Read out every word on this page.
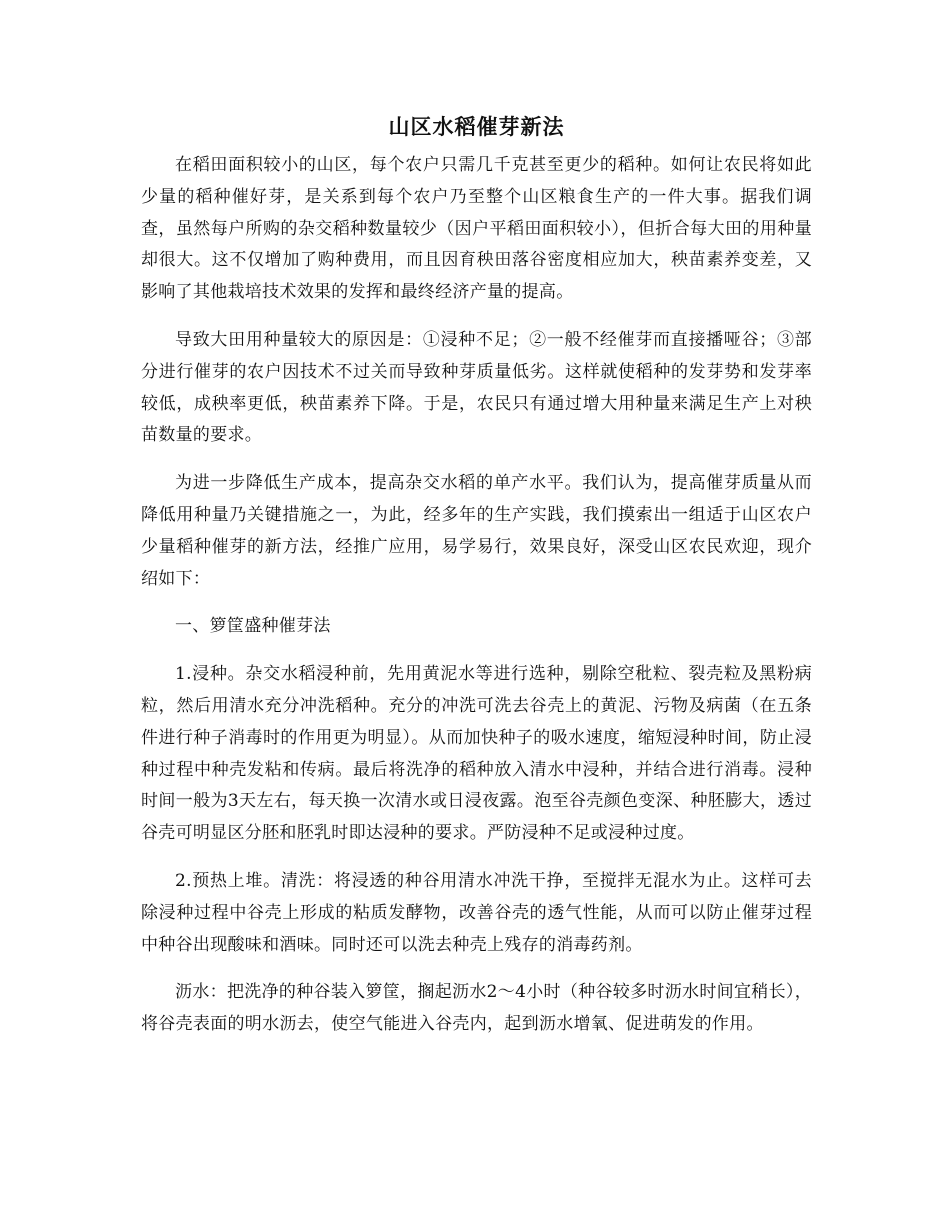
山区水稻催芽新法

在稻田面积较小的山区，每个农户只需几千克甚至更少的稻种。如何让农民将如此少量的稻种催好芽，是关系到每个农户乃至整个山区粮食生产的一件大事。据我们调查，虽然每户所购的杂交稻种数量较少（因户平稻田面积较小），但折合每大田的用种量却很大。这不仅增加了购种费用，而且因育秧田落谷密度相应加大，秧苗素养变差，又影响了其他栽培技术效果的发挥和最终经济产量的提高。

导致大田用种量较大的原因是：①浸种不足；②一般不经催芽而直接播哑谷；③部分进行催芽的农户因技术不过关而导致种芽质量低劣。这样就使稻种的发芽势和发芽率较低，成秧率更低，秧苗素养下降。于是，农民只有通过增大用种量来满足生产上对秧苗数量的要求。

为进一步降低生产成本，提高杂交水稻的单产水平。我们认为，提高催芽质量从而降低用种量乃关键措施之一，为此，经多年的生产实践，我们摸索出一组适于山区农户少量稻种催芽的新方法，经推广应用，易学易行，效果良好，深受山区农民欢迎，现介绍如下：

一、箩筐盛种催芽法

1.浸种。杂交水稻浸种前，先用黄泥水等进行选种，剔除空秕粒、裂壳粒及黑粉病粒，然后用清水充分冲洗稻种。充分的冲洗可洗去谷壳上的黄泥、污物及病菌（在五条件进行种子消毒时的作用更为明显）。从而加快种子的吸水速度，缩短浸种时间，防止浸种过程中种壳发粘和传病。最后将洗净的稻种放入清水中浸种，并结合进行消毒。浸种时间一般为3天左右，每天换一次清水或日浸夜露。泡至谷壳颜色变深、种胚膨大，透过谷壳可明显区分胚和胚乳时即达浸种的要求。严防浸种不足或浸种过度。

2.预热上堆。清洗：将浸透的种谷用清水冲洗干挣，至搅拌无混水为止。这样可去除浸种过程中谷壳上形成的粘质发酵物，改善谷壳的透气性能，从而可以防止催芽过程中种谷出现酸味和酒味。同时还可以洗去种壳上残存的消毒药剂。

沥水：把洗净的种谷装入箩筐，搁起沥水2～4小时（种谷较多时沥水时间宜稍长），将谷壳表面的明水沥去，使空气能进入谷壳内，起到沥水增氧、促进萌发的作用。
